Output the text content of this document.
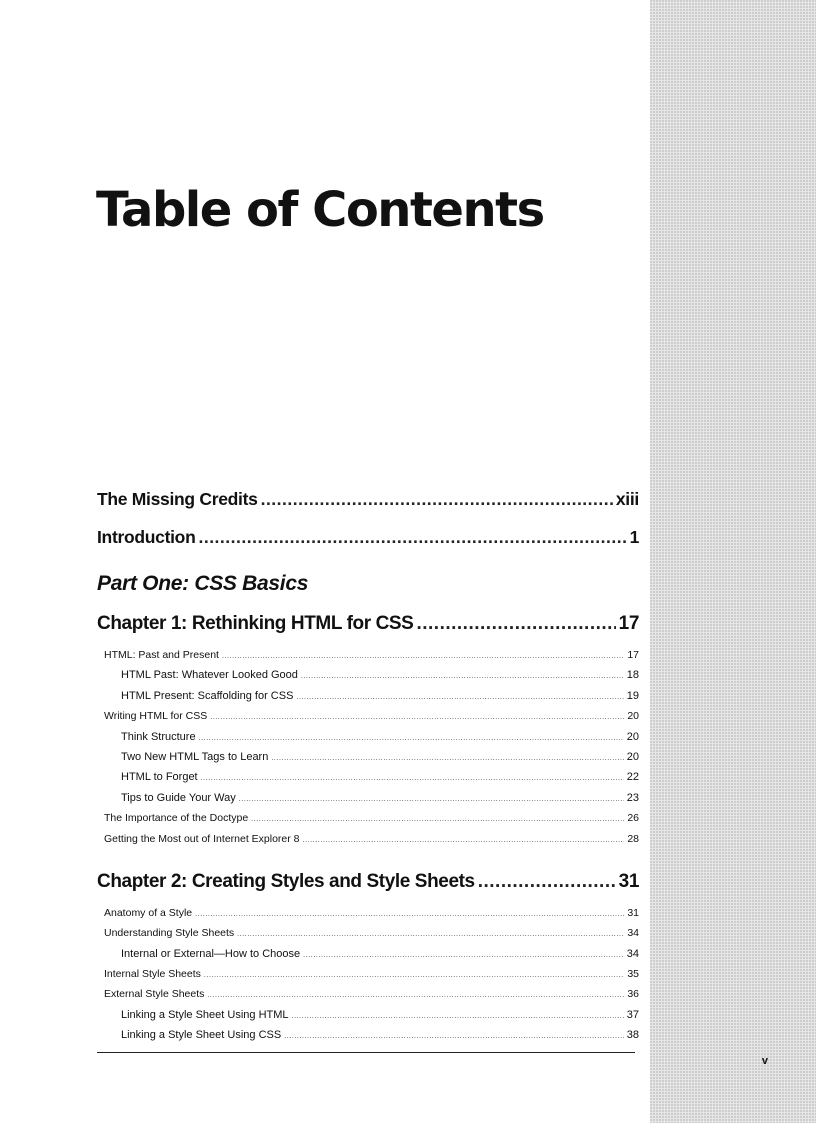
v
Table of Contents
The Missing Credits .....	xiii
Introduction .....	1
Part One: CSS Basics
Chapter 1: Rethinking HTML for CSS .....	17
HTML: Past and Present .....	17
HTML Past: Whatever Looked Good .....	18
HTML Present: Scaffolding for CSS .....	19
Writing HTML for CSS .....	20
Think Structure .....	20
Two New HTML Tags to Learn .....	20
HTML to Forget .....	22
Tips to Guide Your Way .....	23
The Importance of the Doctype .....	26
Getting the Most out of Internet Explorer 8 .....	28
Chapter 2: Creating Styles and Style Sheets .....	31
Anatomy of a Style .....	31
Understanding Style Sheets .....	34
Internal or External—How to Choose .....	34
Internal Style Sheets .....	35
External Style Sheets .....	36
Linking a Style Sheet Using HTML .....	37
Linking a Style Sheet Using CSS .....	38
